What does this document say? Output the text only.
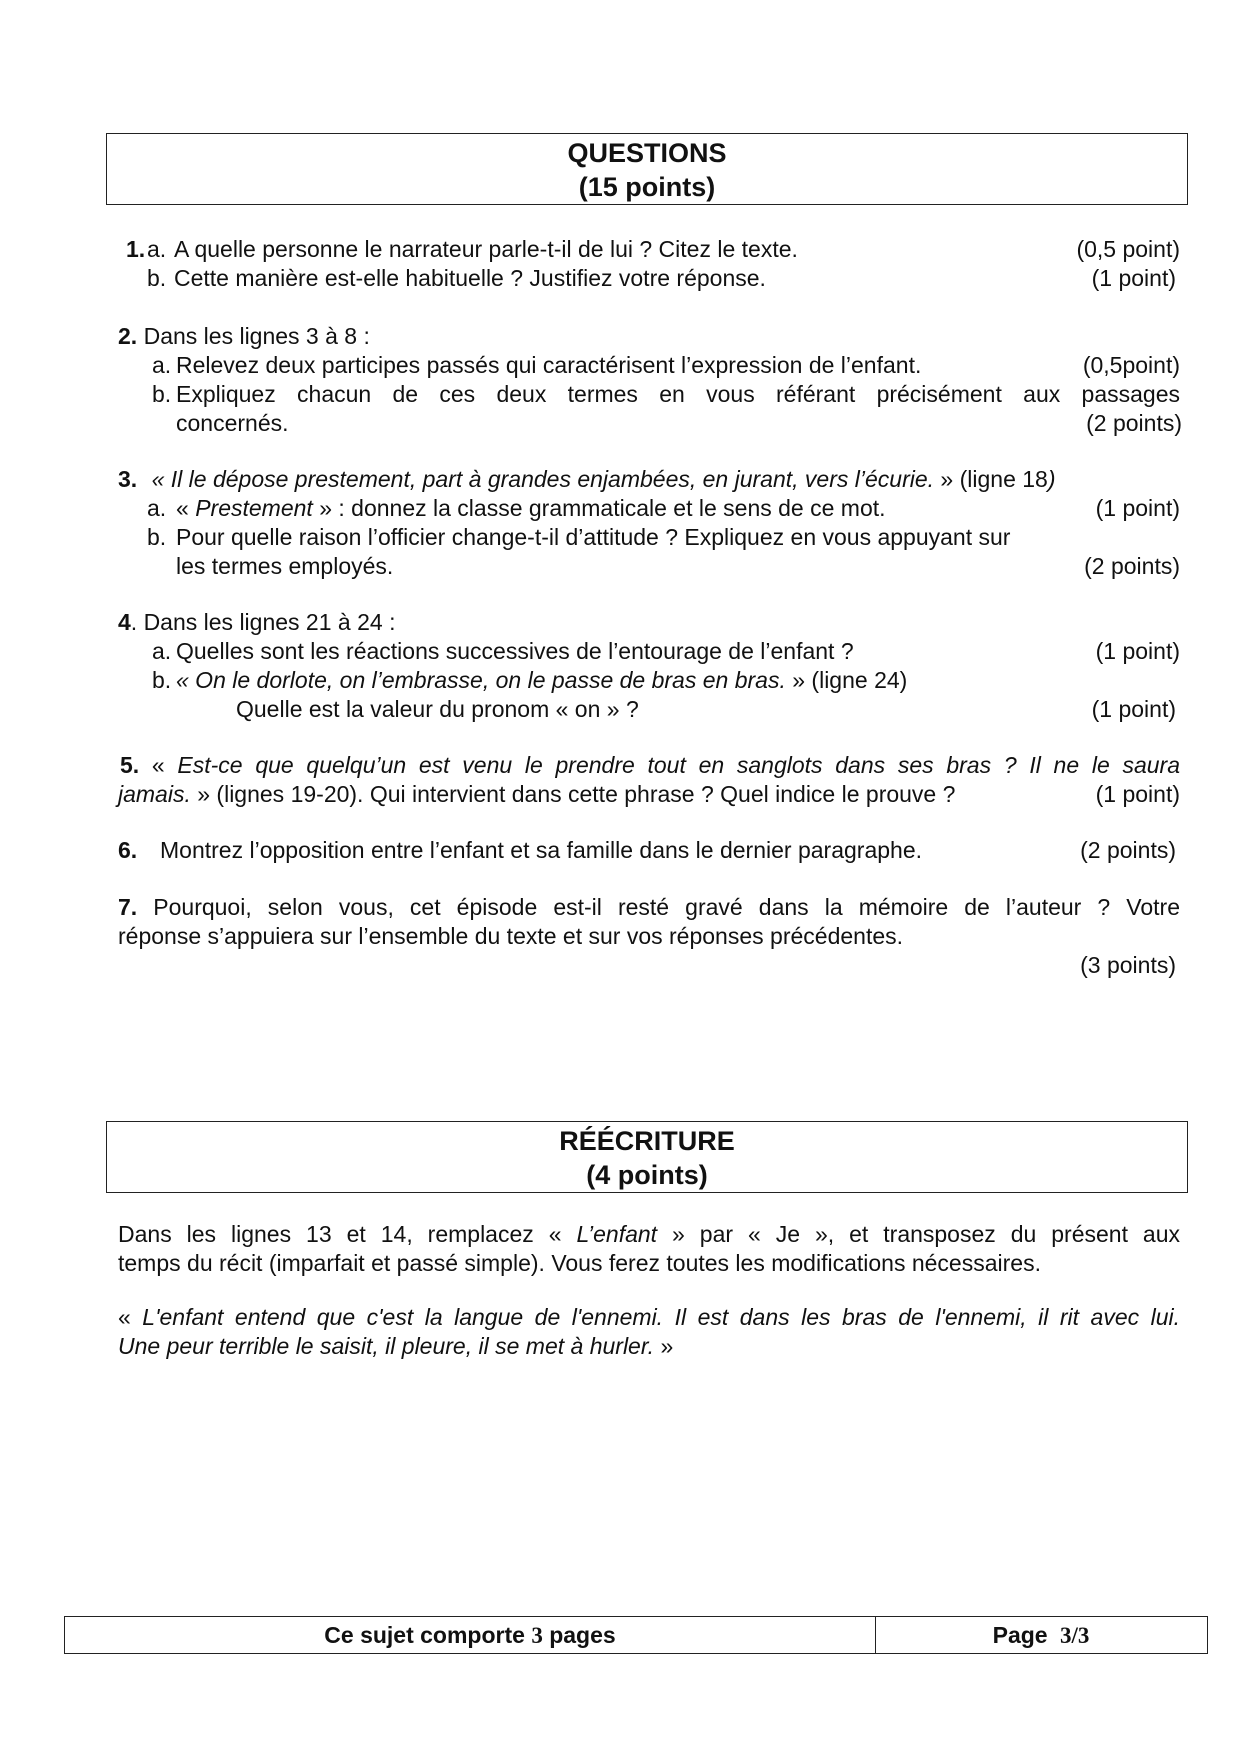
QUESTIONS
(15 points)
1. a. A quelle personne le narrateur parle-t-il de lui ? Citez le texte.	(0,5 point)
b. Cette manière est-elle habituelle ? Justifiez votre réponse.	(1 point)
2. Dans les lignes 3 à 8 :
a. Relevez deux participes passés qui caractérisent l’expression de l’enfant.	(0,5point)
b. Expliquez chacun de ces deux termes en vous référant précisément aux passages
concernés.	(2 points)
3. « Il le dépose prestement, part à grandes enjambées, en jurant, vers l’écurie. » (ligne 18)
a. « Prestement » : donnez la classe grammaticale et le sens de ce mot.	(1 point)
b. Pour quelle raison l’officier change-t-il d’attitude ? Expliquez en vous appuyant sur
les termes employés.	(2 points)
4. Dans les lignes 21 à 24 :
a. Quelles sont les réactions successives de l’entourage de l’enfant ?	(1 point)
b. « On le dorlote, on l’embrasse, on le passe de bras en bras. » (ligne 24)
Quelle est la valeur du pronom « on » ?	(1 point)
5. « Est-ce que quelqu’un est venu le prendre tout en sanglots dans ses bras ? Il ne le saura
jamais. » (lignes 19-20). Qui intervient dans cette phrase ? Quel indice le prouve ?	(1 point)
6. Montrez l’opposition entre l’enfant et sa famille dans le dernier paragraphe.	(2 points)
7. Pourquoi, selon vous, cet épisode est-il resté gravé dans la mémoire de l’auteur ? Votre
réponse s’appuiera sur l’ensemble du texte et sur vos réponses précédentes.
(3 points)
RÉÉCRITURE
(4 points)
Dans les lignes 13 et 14, remplacez « L’enfant » par « Je », et transposez du présent aux
temps du récit (imparfait et passé simple). Vous ferez toutes les modifications nécessaires.
« L'enfant entend que c'est la langue de l'ennemi. Il est dans les bras de l'ennemi, il rit avec lui.
Une peur terrible le saisit, il pleure, il se met à hurler. »
Ce sujet comporte 3 pages	Page 3/3
